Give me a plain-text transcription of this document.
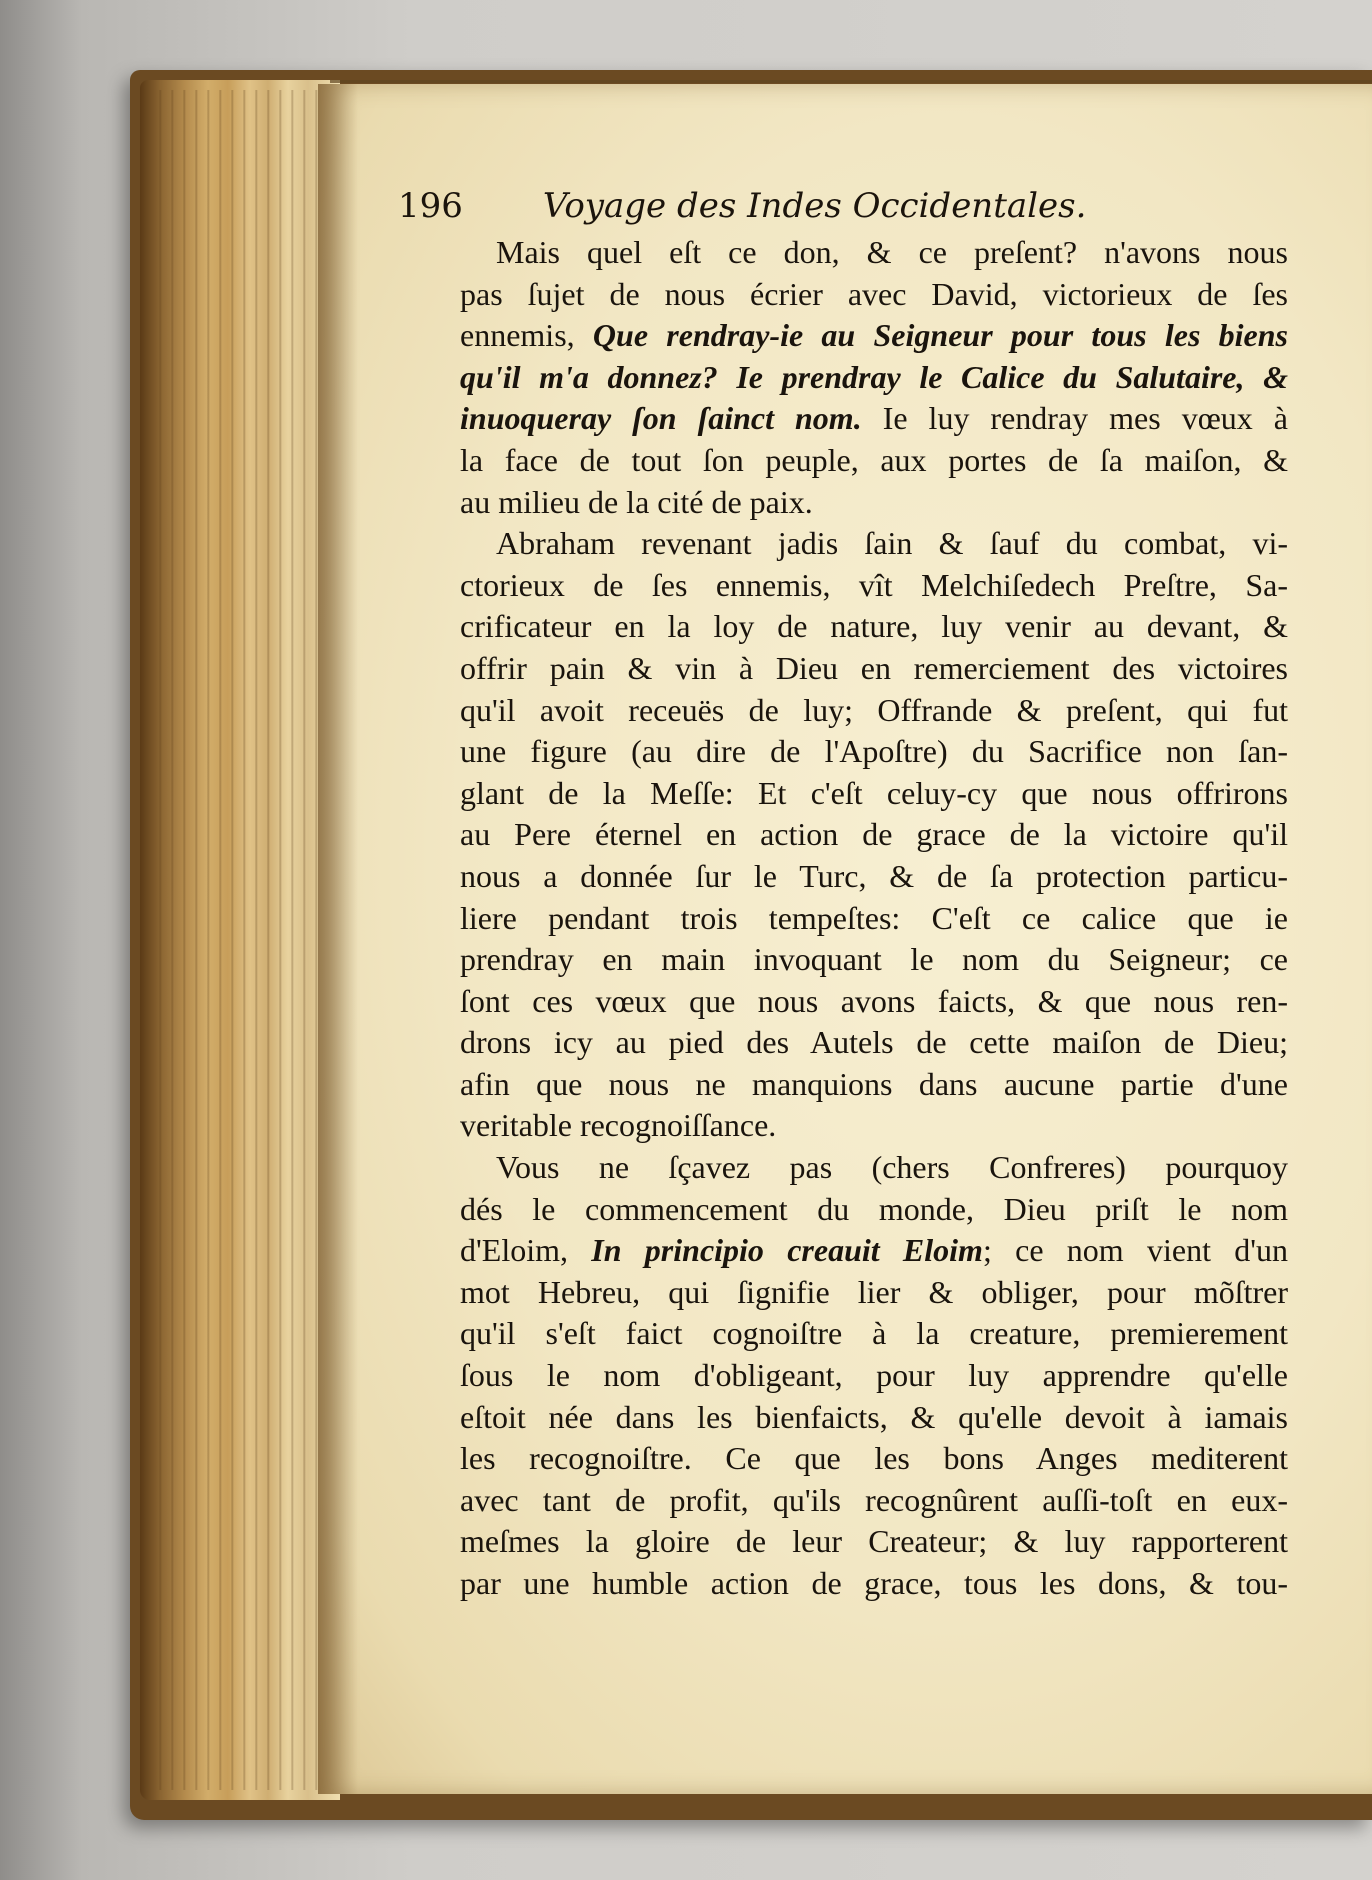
196 Voyage des Indes Occidentales.
Mais quel eſt ce don, & ce preſent? n'avons nous
pas ſujet de nous écrier avec David, victorieux de ſes
ennemis, Que rendray-ie au Seigneur pour tous les biens
qu'il m'a donnez? Ie prendray le Calice du Salutaire, &
inuoqueray ſon ſainct nom. Ie luy rendray mes vœux à
la face de tout ſon peuple, aux portes de ſa maiſon, &
au milieu de la cité de paix.
Abraham revenant jadis ſain & ſauf du combat, vi-
ctorieux de ſes ennemis, vît Melchiſedech Preſtre, Sa-
crificateur en la loy de nature, luy venir au devant, &
offrir pain & vin à Dieu en remerciement des victoires
qu'il avoit receuës de luy; Offrande & preſent, qui fut
une figure (au dire de l'Apoſtre) du Sacrifice non ſan-
glant de la Meſſe: Et c'eſt celuy-cy que nous offrirons
au Pere éternel en action de grace de la victoire qu'il
nous a donnée ſur le Turc, & de ſa protection particu-
liere pendant trois tempeſtes: C'eſt ce calice que ie
prendray en main invoquant le nom du Seigneur; ce
ſont ces vœux que nous avons faicts, & que nous ren-
drons icy au pied des Autels de cette maiſon de Dieu;
afin que nous ne manquions dans aucune partie d'une
veritable recognoiſſance.
Vous ne ſçavez pas (chers Confreres) pourquoy
dés le commencement du monde, Dieu priſt le nom
d'Eloim, In principio creauit Eloim; ce nom vient d'un
mot Hebreu, qui ſignifie lier & obliger, pour mõſtrer
qu'il s'eſt faict cognoiſtre à la creature, premierement
ſous le nom d'obligeant, pour luy apprendre qu'elle
eſtoit née dans les bienfaicts, & qu'elle devoit à iamais
les recognoiſtre. Ce que les bons Anges mediterent
avec tant de profit, qu'ils recognûrent auſſi-toſt en eux-
meſmes la gloire de leur Createur; & luy rapporterent
par une humble action de grace, tous les dons, & tou-
